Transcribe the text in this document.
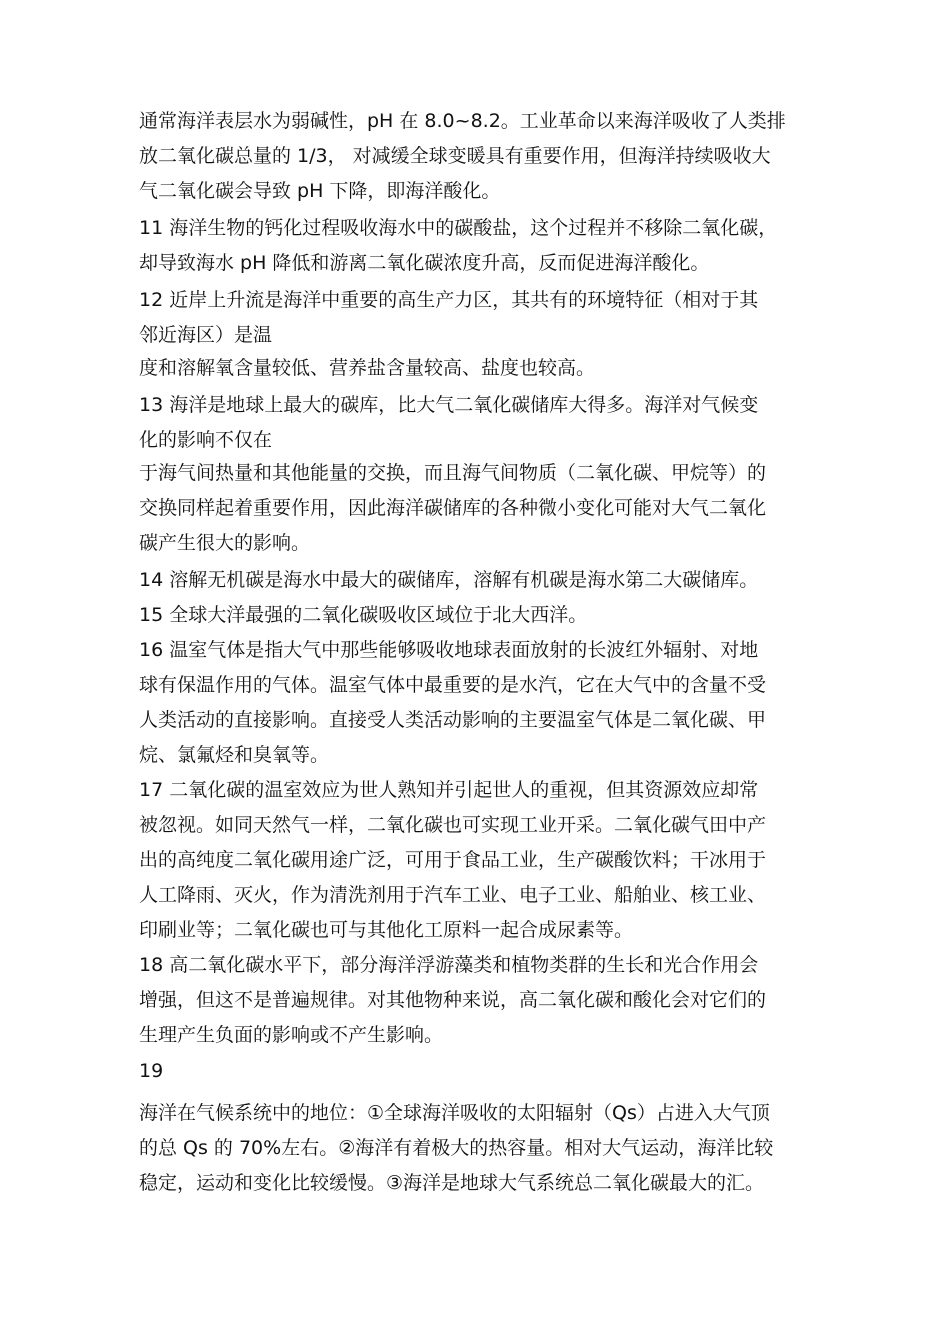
通常海洋表层水为弱碱性，pH 在 8.0~8.2。工业革命以来海洋吸收了人类排

放二氧化碳总量的 1/3， 对减缓全球变暖具有重要作用，但海洋持续吸收大

气二氧化碳会导致 pH 下降，即海洋酸化。

11 海洋生物的钙化过程吸收海水中的碳酸盐，这个过程并不移除二氧化碳，

却导致海水 pH 降低和游离二氧化碳浓度升高，反而促进海洋酸化。

12 近岸上升流是海洋中重要的高生产力区，其共有的环境特征（相对于其

邻近海区）是温

度和溶解氧含量较低、营养盐含量较高、盐度也较高。

13 海洋是地球上最大的碳库，比大气二氧化碳储库大得多。海洋对气候变

化的影响不仅在

于海气间热量和其他能量的交换，而且海气间物质（二氧化碳、甲烷等）的

交换同样起着重要作用，因此海洋碳储库的各种微小变化可能对大气二氧化

碳产生很大的影响。

14 溶解无机碳是海水中最大的碳储库，溶解有机碳是海水第二大碳储库。

15 全球大洋最强的二氧化碳吸收区域位于北大西洋。

16 温室气体是指大气中那些能够吸收地球表面放射的长波红外辐射、对地

球有保温作用的气体。温室气体中最重要的是水汽，它在大气中的含量不受

人类活动的直接影响。直接受人类活动影响的主要温室气体是二氧化碳、甲

烷、氯氟烃和臭氧等。

17 二氧化碳的温室效应为世人熟知并引起世人的重视，但其资源效应却常

被忽视。如同天然气一样，二氧化碳也可实现工业开采。二氧化碳气田中产

出的高纯度二氧化碳用途广泛，可用于食品工业，生产碳酸饮料；干冰用于

人工降雨、灭火，作为清洗剂用于汽车工业、电子工业、船舶业、核工业、

印刷业等；二氧化碳也可与其他化工原料一起合成尿素等。

18 高二氧化碳水平下，部分海洋浮游藻类和植物类群的生长和光合作用会

增强，但这不是普遍规律。对其他物种来说，高二氧化碳和酸化会对它们的

生理产生负面的影响或不产生影响。

19

海洋在气候系统中的地位：①全球海洋吸收的太阳辐射（Qs）占进入大气顶

的总 Qs 的 70%左右。②海洋有着极大的热容量。相对大气运动，海洋比较

稳定，运动和变化比较缓慢。③海洋是地球大气系统总二氧化碳最大的汇。
